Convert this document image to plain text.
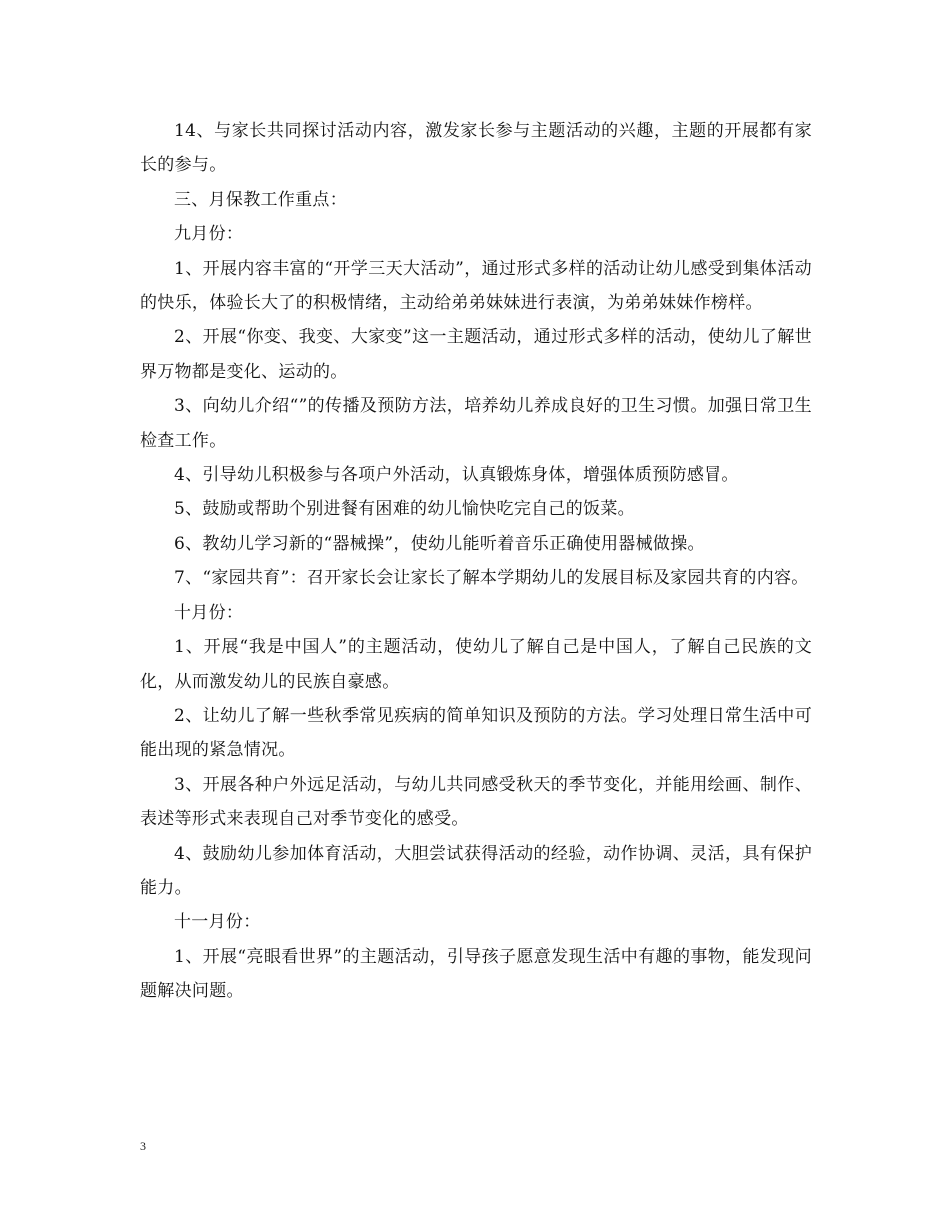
14、与家长共同探讨活动内容，激发家长参与主题活动的兴趣，主题的开展都有家长的参与。

三、月保教工作重点：

九月份：

1、开展内容丰富的“开学三天大活动”，通过形式多样的活动让幼儿感受到集体活动的快乐，体验长大了的积极情绪，主动给弟弟妹妹进行表演，为弟弟妹妹作榜样。

2、开展“你变、我变、大家变”这一主题活动，通过形式多样的活动，使幼儿了解世界万物都是变化、运动的。

3、向幼儿介绍“”的传播及预防方法，培养幼儿养成良好的卫生习惯。加强日常卫生检查工作。

4、引导幼儿积极参与各项户外活动，认真锻炼身体，增强体质预防感冒。

5、鼓励或帮助个别进餐有困难的幼儿愉快吃完自己的饭菜。

6、教幼儿学习新的“器械操”，使幼儿能听着音乐正确使用器械做操。

7、“家园共育”：召开家长会让家长了解本学期幼儿的发展目标及家园共育的内容。

十月份：

1、开展“我是中国人”的主题活动，使幼儿了解自己是中国人，了解自己民族的文化，从而激发幼儿的民族自豪感。

2、让幼儿了解一些秋季常见疾病的简单知识及预防的方法。学习处理日常生活中可能出现的紧急情况。

3、开展各种户外远足活动，与幼儿共同感受秋天的季节变化，并能用绘画、制作、表述等形式来表现自己对季节变化的感受。

4、鼓励幼儿参加体育活动，大胆尝试获得活动的经验，动作协调、灵活，具有保护能力。

十一月份：

1、开展“亮眼看世界”的主题活动，引导孩子愿意发现生活中有趣的事物，能发现问题解决问题。

3
